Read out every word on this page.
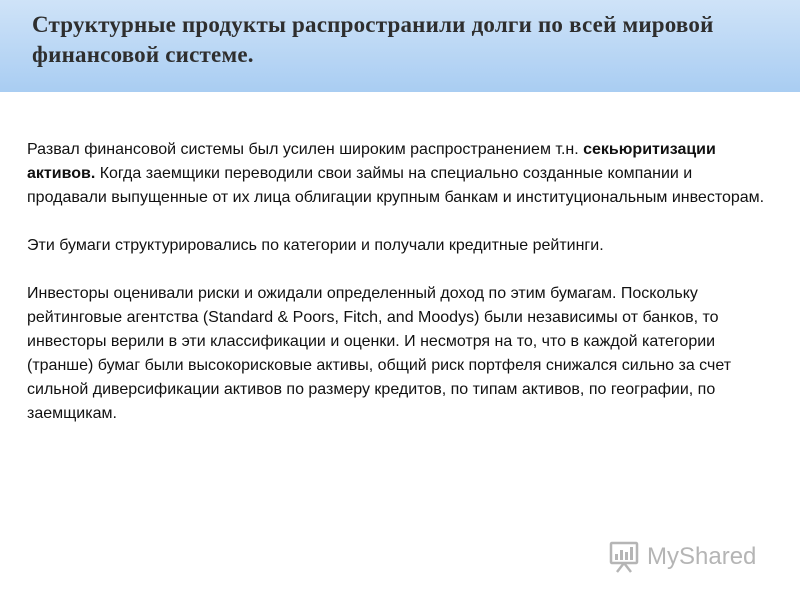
Структурные продукты распространили долги по всей мировой финансовой системе.

Развал финансовой системы был усилен широким распространением т.н. секьюритизации активов. Когда заемщики переводили свои займы на специально созданные компании и продавали выпущенные от их лица облигации крупным банкам и институциональным инвесторам.

Эти бумаги структурировались по категории и получали кредитные рейтинги.

Инвесторы оценивали риски и ожидали определенный доход по этим бумагам. Поскольку рейтинговые агентства (Standard & Poors, Fitch, and Moodys) были независимы от банков, то инвесторы верили в эти классификации и оценки. И несмотря на то, что в каждой категории (транше) бумаг были высокорисковые активы, общий риск портфеля снижался сильно за счет сильной диверсификации активов по размеру кредитов, по типам активов, по географии, по заемщикам.

MyShared
